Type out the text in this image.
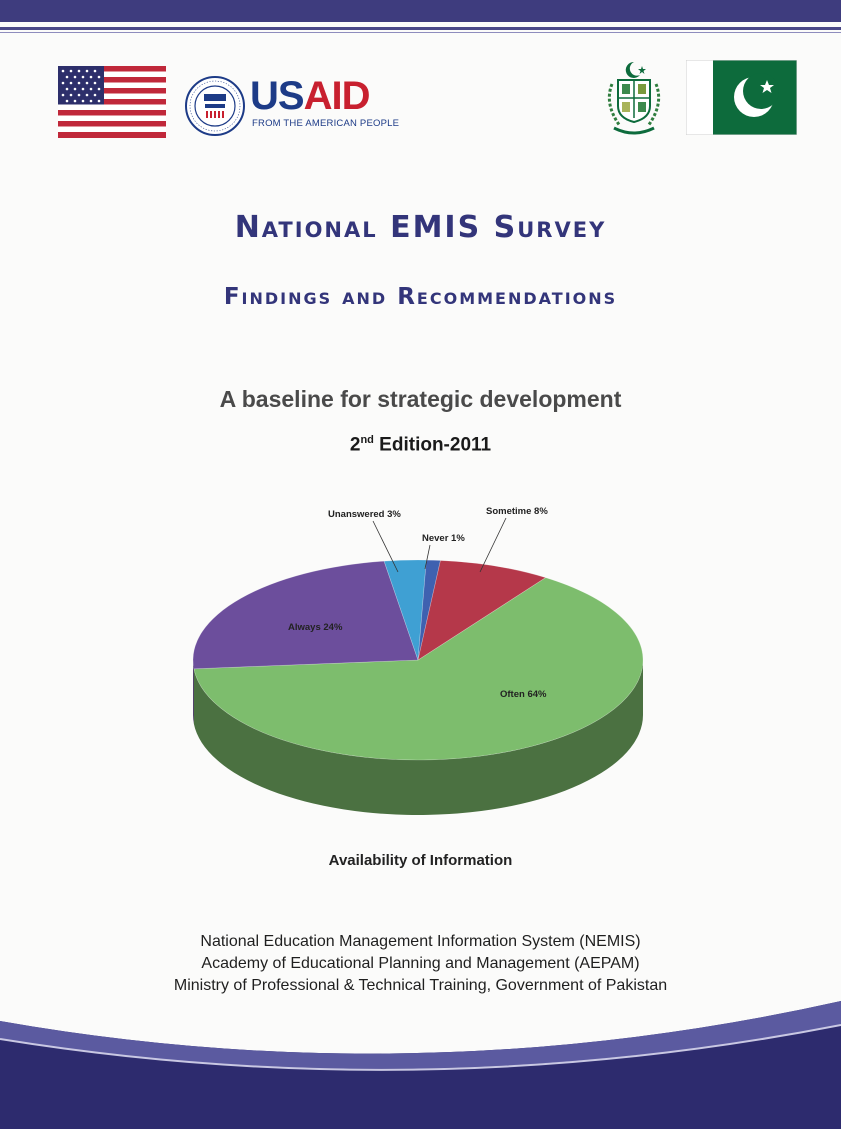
USAID

FROM THE AMERICAN PEOPLE

National EMIS Survey

Findings and Recommendations

A baseline for strategic development

2nd Edition-2011

Often 64%
Always 24%
Unanswered 3%
Never 1%
Sometime 8%

Availability of Information

National Education Management Information System (NEMIS)

Academy of Educational Planning and Management (AEPAM)

Ministry of Professional & Technical Training, Government of Pakistan
